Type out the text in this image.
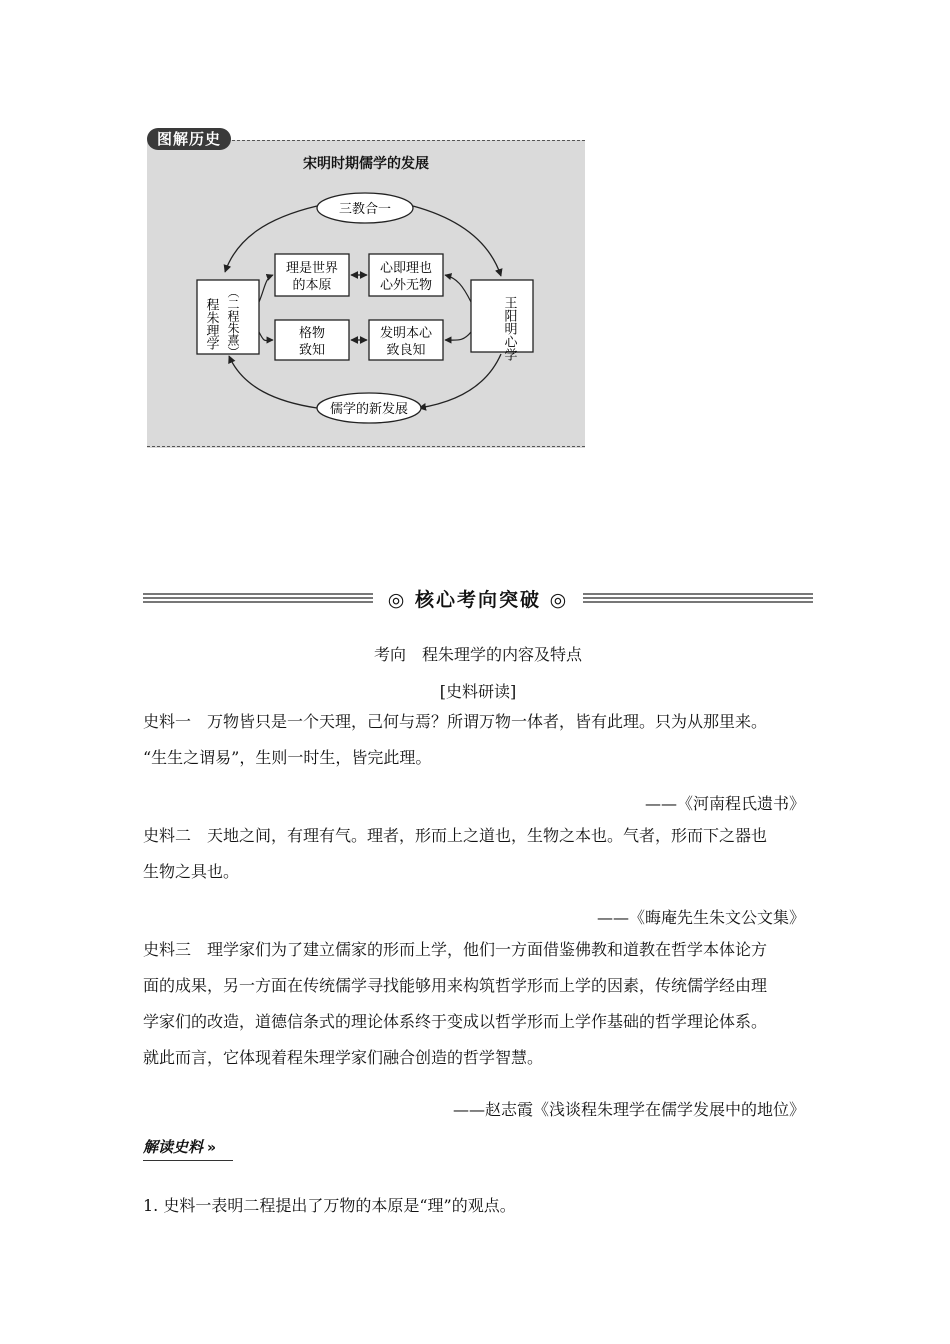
图解历史
宋明时期儒学的发展
三教合一
儒学的新发展
程朱理学 （二程朱熹）	王阳明心学
理是世界
的本原
心即理也
心外无物
格物
致知
发明本心
致良知
◎ 核心考向突破 ◎
考向　程朱理学的内容及特点
[史料研读]
史料一　万物皆只是一个天理，己何与焉？所谓万物一体者，皆有此理。只为从那里来。
“生生之谓易”，生则一时生，皆完此理。
——《河南程氏遗书》
史料二　天地之间，有理有气。理者，形而上之道也，生物之本也。气者，形而下之器也
生物之具也。
——《晦庵先生朱文公文集》
史料三　理学家们为了建立儒家的形而上学，他们一方面借鉴佛教和道教在哲学本体论方
面的成果，另一方面在传统儒学寻找能够用来构筑哲学形而上学的因素，传统儒学经由理
学家们的改造，道德信条式的理论体系终于变成以哲学形而上学作基础的哲学理论体系。
就此而言，它体现着程朱理学家们融合创造的哲学智慧。
——赵志霞《浅谈程朱理学在儒学发展中的地位》
解读史料 »
1. 史料一表明二程提出了万物的本原是“理”的观点。
